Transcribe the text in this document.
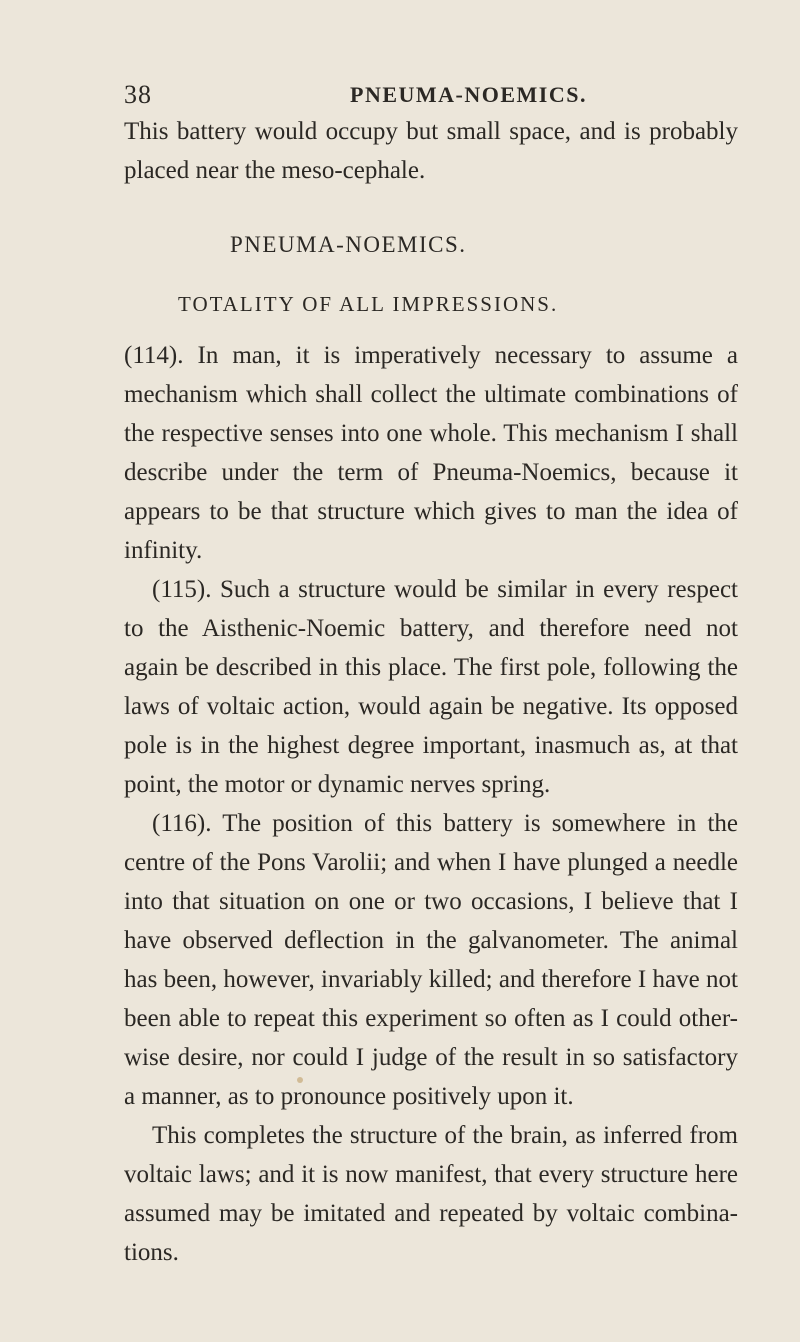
38	PNEUMA-NOEMICS.

This battery would occupy but small space, and is probably placed near the meso-cephale.

PNEUMA-NOEMICS.
TOTALITY OF ALL IMPRESSIONS.

(114). In man, it is imperatively necessary to assume a mechanism which shall collect the ultimate combinations of the respective senses into one whole. This mechanism I shall describe under the term of Pneuma-Noemics, because it appears to be that structure which gives to man the idea of infinity.

(115). Such a structure would be similar in every respect to the Aisthenic-Noemic battery, and therefore need not again be described in this place. The first pole, following the laws of voltaic action, would again be negative. Its opposed pole is in the highest degree important, inasmuch as, at that point, the motor or dynamic nerves spring.

(116). The position of this battery is somewhere in the centre of the Pons Varolii; and when I have plunged a needle into that situation on one or two occasions, I believe that I have observed deflection in the galvanometer. The animal has been, however, invariably killed; and therefore I have not been able to repeat this experiment so often as I could other-wise desire, nor could I judge of the result in so satisfactory a manner, as to pronounce positively upon it.

This completes the structure of the brain, as inferred from voltaic laws; and it is now manifest, that every structure here assumed may be imitated and repeated by voltaic combina-tions.
